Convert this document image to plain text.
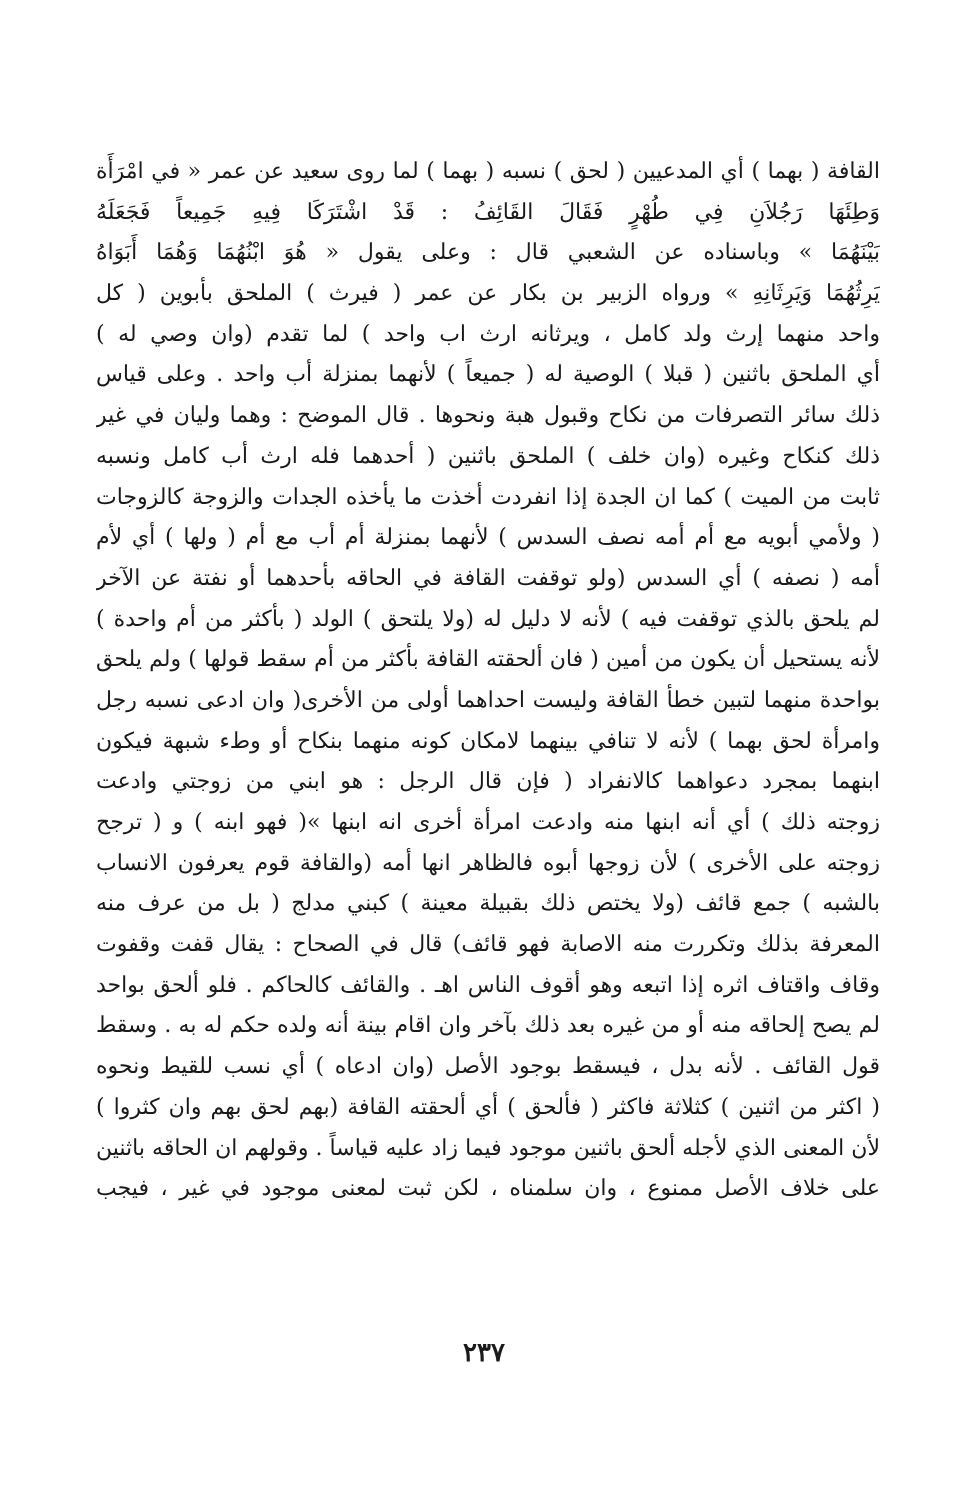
القافة ( بهما ) أي المدعيين ( لحق ) نسبه ( بهما ) لما روى سعيد عن عمر « في امْرَأَة
وَطِئَهَا رَجُلاَنِ فِي طُهْرٍ فَقَالَ القَائِفُ : قَدْ اشْتَرَكَا فِيهِ جَمِيعاً فَجَعَلَهُ
بَيْنَهُمَا » وباسناده عن الشعبي قال : وعلى يقول « هُوَ ابْنُهُمَا وَهُمَا أَبَوَاهُ
يَرِثُهُمَا وَيَرِثَانِهِ » ورواه الزبير بن بكار عن عمر ( فيرث ) الملحق بأبوين ( كل
واحد منهما إرث ولد كامل ، ويرثانه ارث اب واحد ) لما تقدم (وان وصي له )
أي الملحق باثنين ( قبلا ) الوصية له ( جميعاً ) لأنهما بمنزلة أب واحد . وعلى قياس
ذلك سائر التصرفات من نكاح وقبول هبة ونحوها . قال الموضح : وهما وليان في غير
ذلك كنكاح وغيره (وان خلف ) الملحق باثنين ( أحدهما فله ارث أب كامل ونسبه
ثابت من الميت ) كما ان الجدة إذا انفردت أخذت ما يأخذه الجدات والزوجة كالزوجات
( ولأمي أبويه مع أم أمه نصف السدس ) لأنهما بمنزلة أم أب مع أم ( ولها ) أي لأم
أمه ( نصفه ) أي السدس (ولو توقفت القافة في الحاقه بأحدهما أو نفتة عن الآخر
لم يلحق بالذي توقفت فيه ) لأنه لا دليل له (ولا يلتحق ) الولد ( بأكثر من أم واحدة )
لأنه يستحيل أن يكون من أمين ( فان ألحقته القافة بأكثر من أم سقط قولها ) ولم يلحق
بواحدة منهما لتبين خطأ القافة وليست احداهما أولى من الأخرى( وان ادعى نسبه رجل
وامرأة لحق بهما ) لأنه لا تنافي بينهما لامكان كونه منهما بنكاح أو وطء شبهة فيكون
ابنهما بمجرد دعواهما كالانفراد ( فإن قال الرجل : هو ابني من زوجتي وادعت
زوجته ذلك ) أي أنه ابنها منه وادعت امرأة أخرى انه ابنها »( فهو ابنه ) و ( ترجح
زوجته على الأخرى ) لأن زوجها أبوه فالظاهر انها أمه (والقافة قوم يعرفون الانساب
بالشبه ) جمع قائف (ولا يختص ذلك بقبيلة معينة ) كبني مدلج ( بل من عرف منه
المعرفة بذلك وتكررت منه الاصابة فهو قائف) قال في الصحاح : يقال قفت وقفوت
وقاف واقتاف اثره إذا اتبعه وهو أقوف الناس اهـ . والقائف كالحاكم . فلو ألحق بواحد
لم يصح إلحاقه منه أو من غيره بعد ذلك بآخر وان اقام بينة أنه ولده حكم له به . وسقط
قول القائف . لأنه بدل ، فيسقط بوجود الأصل (وان ادعاه ) أي نسب للقيط ونحوه
( اكثر من اثنين ) كثلاثة فاكثر ( فألحق ) أي ألحقته القافة (بهم لحق بهم وان كثروا )
لأن المعنى الذي لأجله ألحق باثنين موجود فيما زاد عليه قياساً . وقولهم ان الحاقه باثنين
على خلاف الأصل ممنوع ، وان سلمناه ، لكن ثبت لمعنى موجود في غير ، فيجب
٢٣٧
